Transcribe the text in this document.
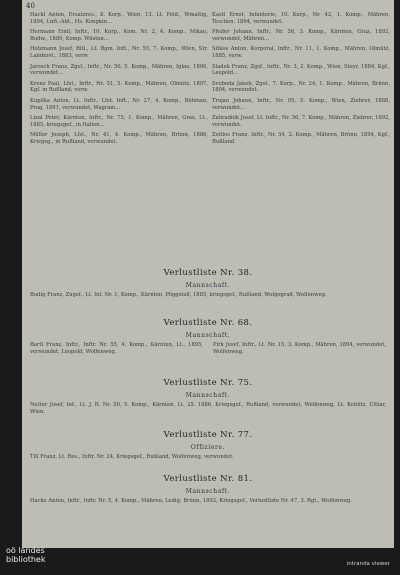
40
Hackl Anton, Ersatzres., 8. Korp., Wien, 13. Lt. Feld., Wmaltig, 1894, Lnft.-Abt., Hs. Kongkin...
Hermann Emil, Inftr., 10. Korp., Kom. Nr. 2, 4. Komp., Mikau, Budw., 1889, Komp. Wüsten...
Holzmann Josef, Ritl., Lt. Bgm. Inft., Nr. 55, 7. Komp., Wien, Str. Landerst., 1883, verw.
Jarosch Franz, Zgsf., Inftr., Nr. 56, 5. Komp., Mähren, Iglau, 1890, verwundet...
Krenz Paul, Lfst., Inftr., Nr. 51, 5. Komp., Mähren, Olmütz, 1897, Kgf. in Rußland, verw.
Kupilka Anton, Lt. Inftr., Lfst. Inft., Nr. 27, 4. Komp., Böhmen, Prag, 1891, verwundet, Wagram...
Lizal Peter, Kärnten, Inftr., Nr. 75, 1. Komp., Mähren, Graz, Lt., 1885, kriegsgef., in Italien...
Müller Joseph, Lfst., Nr. 41, 4. Komp., Mähren, Brünn, 1886, Kriegsg., in Rußland, verwundet.
Kastl Ernst, Infanterie, 10. Korp., Nr. 42, 1. Komp., Mähren, Teschen, 1894, verwundet.
Pfeifer Johann, Inftr., Nr. 56, 3. Komp., Kärnten, Graz, 1892, verwundet, Mähren...
Sitkos Anton, Korporal, Inftr., Nr. 11, 1. Komp., Mähren, Olmütz, 1885, verw.
Sladek Franz, Zgsf., Inftr., Nr. 3, 2. Komp., Wien, Steyr, 1884, Kgf., Leopold...
Svoboda Jakob, Zgsf., 7. Korp., Nr. 24, 1. Komp., Mähren, Brünn, 1894, verwundet.
Trojan Johann, Inftr., Nr. 95, 5. Komp., Wien, Ziehrer, 1888, verwundet...
Zahradnik Josef, Lt. Inftr., Nr. 50, 7. Komp., Mähren, Ziehrer, 1892, verwundet.
Zeitlos Franz, Inftr., Nr. 54, 2. Komp., Mähren, Brünn, 1894, Kgf., Rußland.
Verlustliste Nr. 38.
Mannschaft.
Budig Franz, Zugsf., Lt. Inf. Nr. 1, Komp., Kärnten, Pöggstall, 1885, kriegsgef., Rußland, Wolgograd, Wolfenweg.
Verlustliste Nr. 68.
Mannschaft.
Bartl Franz, Inftr., Inftr. Nr. 55, 4. Komp., Kärnten, Lt., 1895, verwundet, Leopold, Wolfenweg.
Pirk Josef, Inftr., Lt. Nr. 15, 3. Komp., Mähren, 1894, verwundet, Wolfenweg.
Verlustliste Nr. 75.
Mannschaft.
Netter Josef, Inf., Lt. J. R. Nr. 50, 5. Komp., Kärnten, Lt. 25. 1886, Kriegsgef., Rußland, verwundet, Wolfenweg, Lt. Kohlitz, Cittar, Wien.
Verlustliste Nr. 77.
Offiziere.
Till Franz, Lt. Res., Inftr. Nr. 24, Kriegsgef., Rußland, Wolfenweg, verwundet.
Verlustliste Nr. 81.
Mannschaft.
Hacke Anton, Inftr., Inftr. Nr. 5, 4. Komp., Mähren, Ledig, Brünn, 1892, Kriegsgef., Verlustliste Nr. 47, 3. Rgt., Wolfenweg.
oö landes
bibliothek	intranda viewer
